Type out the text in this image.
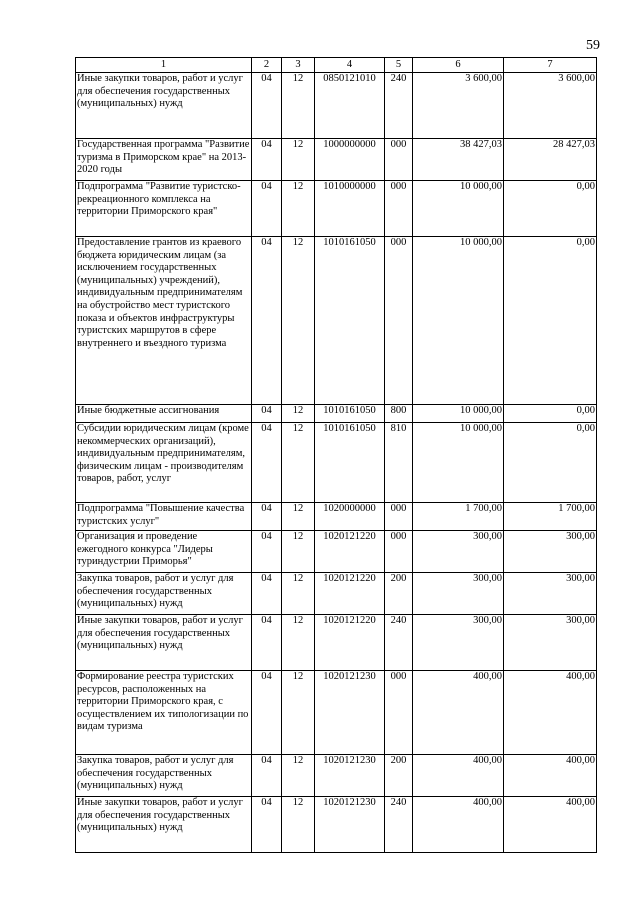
59
1	2	3	4	5	6	7
Иные закупки товаров, работ и услуг для обеспечения государственных (муниципальных) нужд	04	12	0850121010	240	3 600,00	3 600,00
Государственная программа "Развитие туризма в Приморском крае" на 2013-2020 годы	04	12	1000000000	000	38 427,03	28 427,03
Подпрограмма "Развитие туристско-рекреационного комплекса на территории Приморского края"	04	12	1010000000	000	10 000,00	0,00
Предоставление грантов из краевого бюджета юридическим лицам (за исключением государственных (муниципальных) учреждений), индивидуальным предпринимателям на обустройство мест туристского показа и объектов инфраструктуры туристских маршрутов в сфере внутреннего и въездного туризма	04	12	1010161050	000	10 000,00	0,00
Иные бюджетные ассигнования	04	12	1010161050	800	10 000,00	0,00
Субсидии юридическим лицам (кроме некоммерческих организаций), индивидуальным предпринимателям, физическим лицам - производителям товаров, работ, услуг	04	12	1010161050	810	10 000,00	0,00
Подпрограмма "Повышение качества туристских услуг"	04	12	1020000000	000	1 700,00	1 700,00
Организация и проведение ежегодного конкурса "Лидеры туриндустрии Приморья"	04	12	1020121220	000	300,00	300,00
Закупка товаров, работ и услуг для обеспечения государственных (муниципальных) нужд	04	12	1020121220	200	300,00	300,00
Иные закупки товаров, работ и услуг для обеспечения государственных (муниципальных) нужд	04	12	1020121220	240	300,00	300,00
Формирование реестра туристских ресурсов, расположенных на территории Приморского края, с осуществлением их типологизации по видам туризма	04	12	1020121230	000	400,00	400,00
Закупка товаров, работ и услуг для обеспечения государственных (муниципальных) нужд	04	12	1020121230	200	400,00	400,00
Иные закупки товаров, работ и услуг для обеспечения государственных (муниципальных) нужд	04	12	1020121230	240	400,00	400,00
